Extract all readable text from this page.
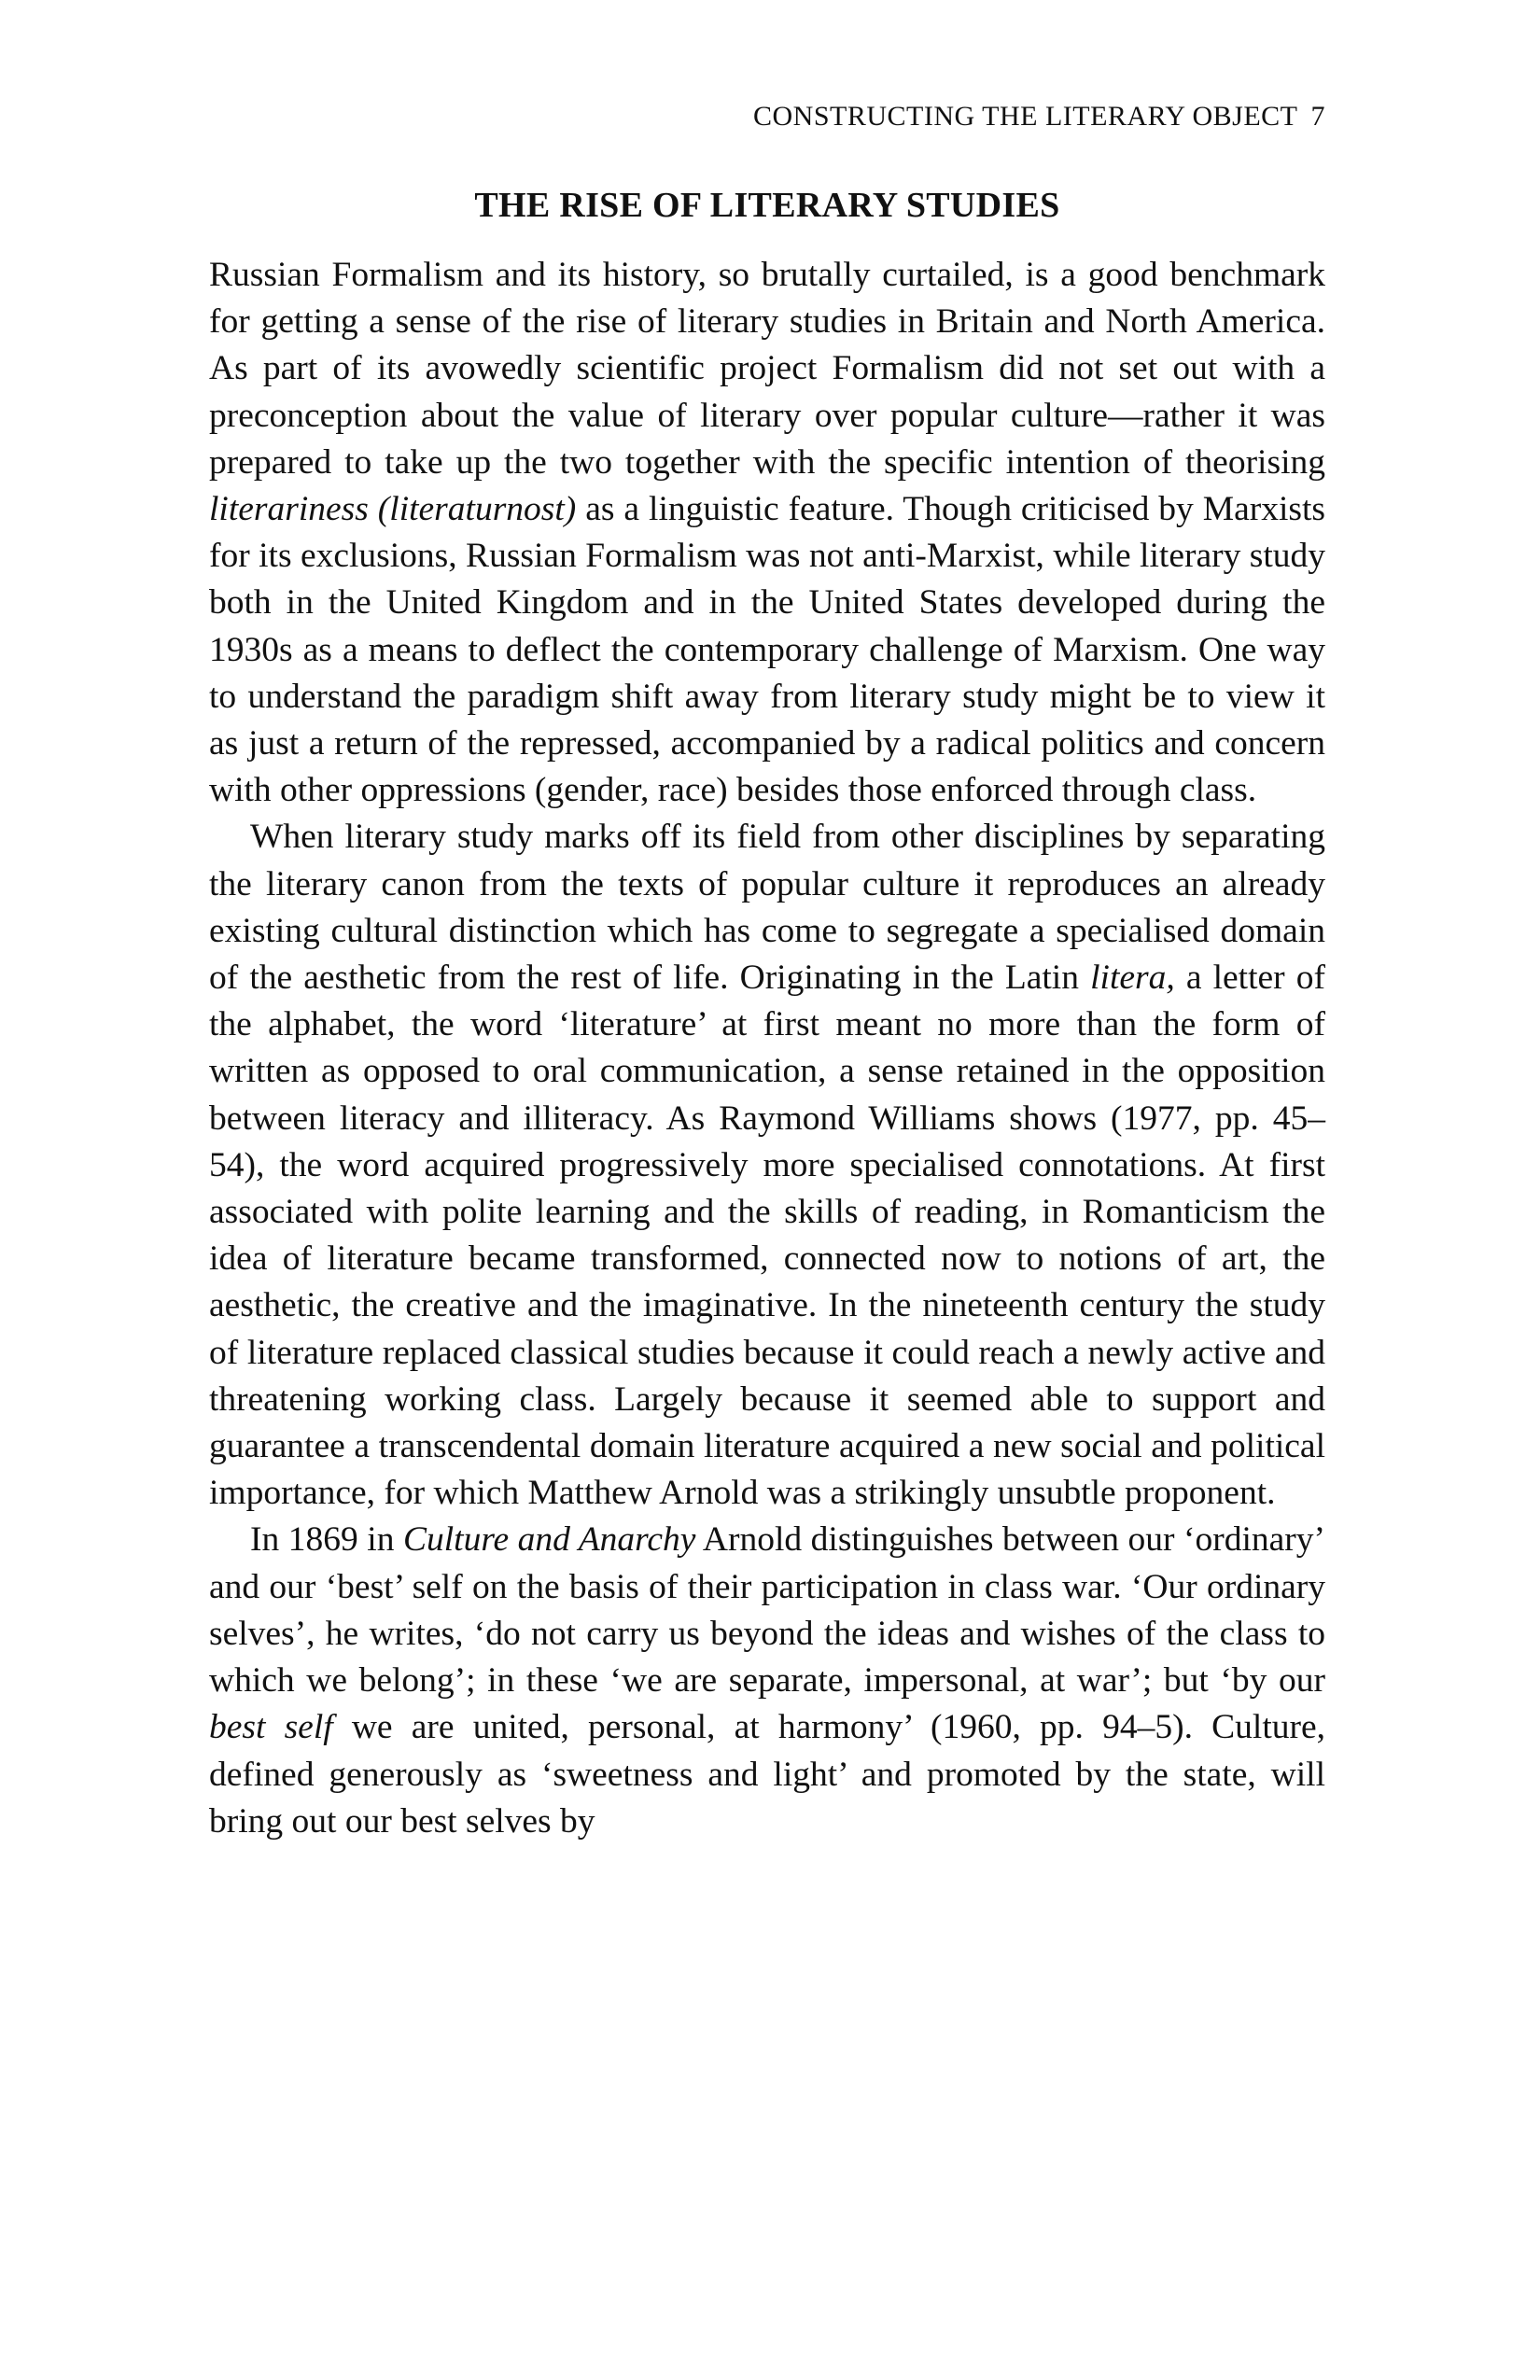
CONSTRUCTING THE LITERARY OBJECT 7
THE RISE OF LITERARY STUDIES

Russian Formalism and its history, so brutally curtailed, is a good benchmark for getting a sense of the rise of literary studies in Britain and North America. As part of its avowedly scientific project Formalism did not set out with a preconception about the value of literary over popular culture—rather it was prepared to take up the two together with the specific intention of theorising literariness (literaturnost) as a linguistic feature. Though criticised by Marxists for its exclusions, Russian Formalism was not anti-Marxist, while literary study both in the United Kingdom and in the United States developed during the 1930s as a means to deflect the contemporary challenge of Marxism. One way to understand the paradigm shift away from literary study might be to view it as just a return of the repressed, accompanied by a radical politics and concern with other oppressions (gender, race) besides those enforced through class.

When literary study marks off its field from other disciplines by separating the literary canon from the texts of popular culture it reproduces an already existing cultural distinction which has come to segregate a specialised domain of the aesthetic from the rest of life. Originating in the Latin litera, a letter of the alphabet, the word ‘literature’ at first meant no more than the form of written as opposed to oral communication, a sense retained in the opposition between literacy and illiteracy. As Raymond Williams shows (1977, pp. 45–54), the word acquired progressively more specialised connotations. At first associated with polite learning and the skills of reading, in Romanticism the idea of literature became transformed, connected now to notions of art, the aesthetic, the creative and the imaginative. In the nineteenth century the study of literature replaced classical studies because it could reach a newly active and threatening working class. Largely because it seemed able to support and guarantee a transcendental domain literature acquired a new social and political importance, for which Matthew Arnold was a strikingly unsubtle proponent.

In 1869 in Culture and Anarchy Arnold distinguishes between our ‘ordinary’ and our ‘best’ self on the basis of their participation in class war. ‘Our ordinary selves’, he writes, ‘do not carry us beyond the ideas and wishes of the class to which we belong’; in these ‘we are separate, impersonal, at war’; but ‘by our best self we are united, personal, at harmony’ (1960, pp. 94–5). Culture, defined generously as ‘sweetness and light’ and promoted by the state, will bring out our best selves by
